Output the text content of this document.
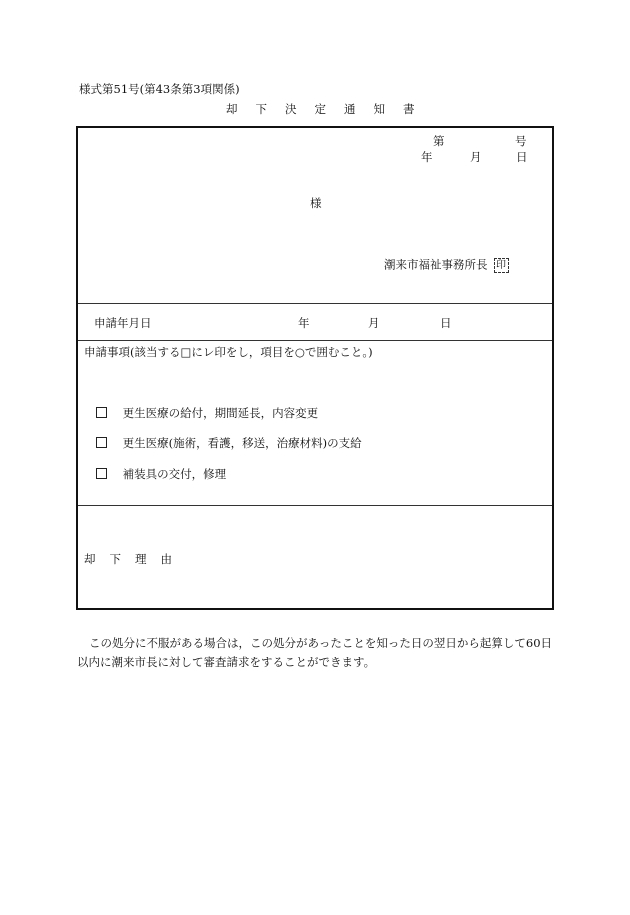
様式第51号(第43条第3項関係)
却 下 決 定 通 知 書
第	号
年	月	日
様
潮来市福祉事務所長 印
申請年月日	年	月	日
申請事項(該当する□にレ印をし，項目を○で囲むこと。)
更生医療の給付，期間延長，内容変更
更生医療(施術，看護，移送，治療材料)の支給
補装具の交付，修理
却 下 理 由
この処分に不服がある場合は，この処分があったことを知った日の翌日から起算して60日以内に潮来市長に対して審査請求をすることができます。
